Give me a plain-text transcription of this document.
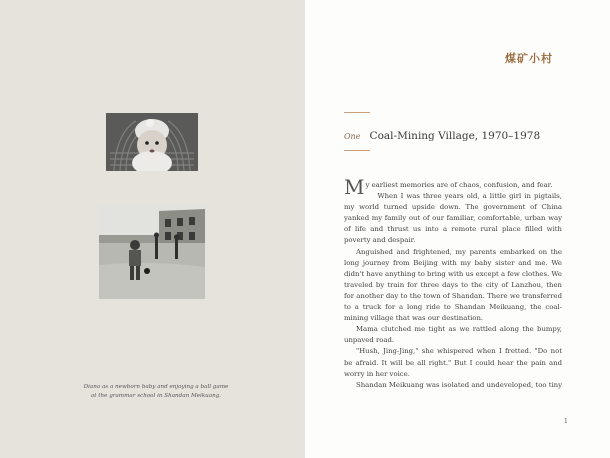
Diana as a newborn baby and enjoying a ball game
at the grammar school in Shandan Meikuang.
煤矿小村
One Coal-Mining Village, 1970–1978

My earliest memories are of chaos, confusion, and fear.

When I was three years old, a little girl in pigtails, my world turned upside down. The government of China yanked my family out of our familiar, comfortable, urban way of life and thrust us into a remote rural place filled with poverty and despair.

Anguished and frightened, my parents embarked on the long journey from Beijing with my baby sister and me. We didn't have anything to bring with us except a few clothes. We traveled by train for three days to the city of Lanzhou, then for another day to the town of Shandan. There we transferred to a truck for a long ride to Shandan Meikuang, the coal-mining village that was our destination.

Mama clutched me tight as we rattled along the bumpy, unpaved road.

"Hush, Jing-Jing," she whispered when I fretted. "Do not be afraid. It will be all right." But I could hear the pain and worry in her voice.

Shandan Meikuang was isolated and undeveloped, too tiny

1
